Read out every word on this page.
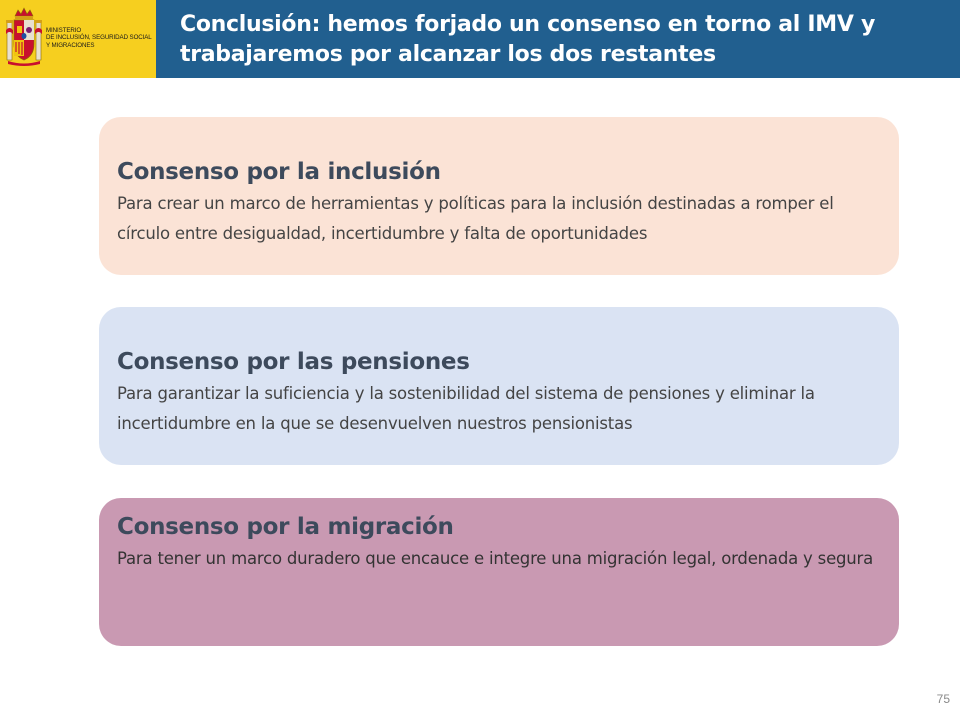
MINISTERIO
DE INCLUSIÓN, SEGURIDAD SOCIAL
Y MIGRACIONES
Conclusión: hemos forjado un consenso en torno al IMV y trabajaremos por alcanzar los dos restantes
Consenso por la inclusión

Para crear un marco de herramientas y políticas para la inclusión destinadas a romper el círculo entre desigualdad, incertidumbre y falta de oportunidades

Consenso por las pensiones

Para garantizar la suficiencia y la sostenibilidad del sistema de pensiones y eliminar la incertidumbre en la que se desenvuelven nuestros pensionistas

Consenso por la migración

Para tener un marco duradero que encauce e integre una migración legal, ordenada y segura

75
